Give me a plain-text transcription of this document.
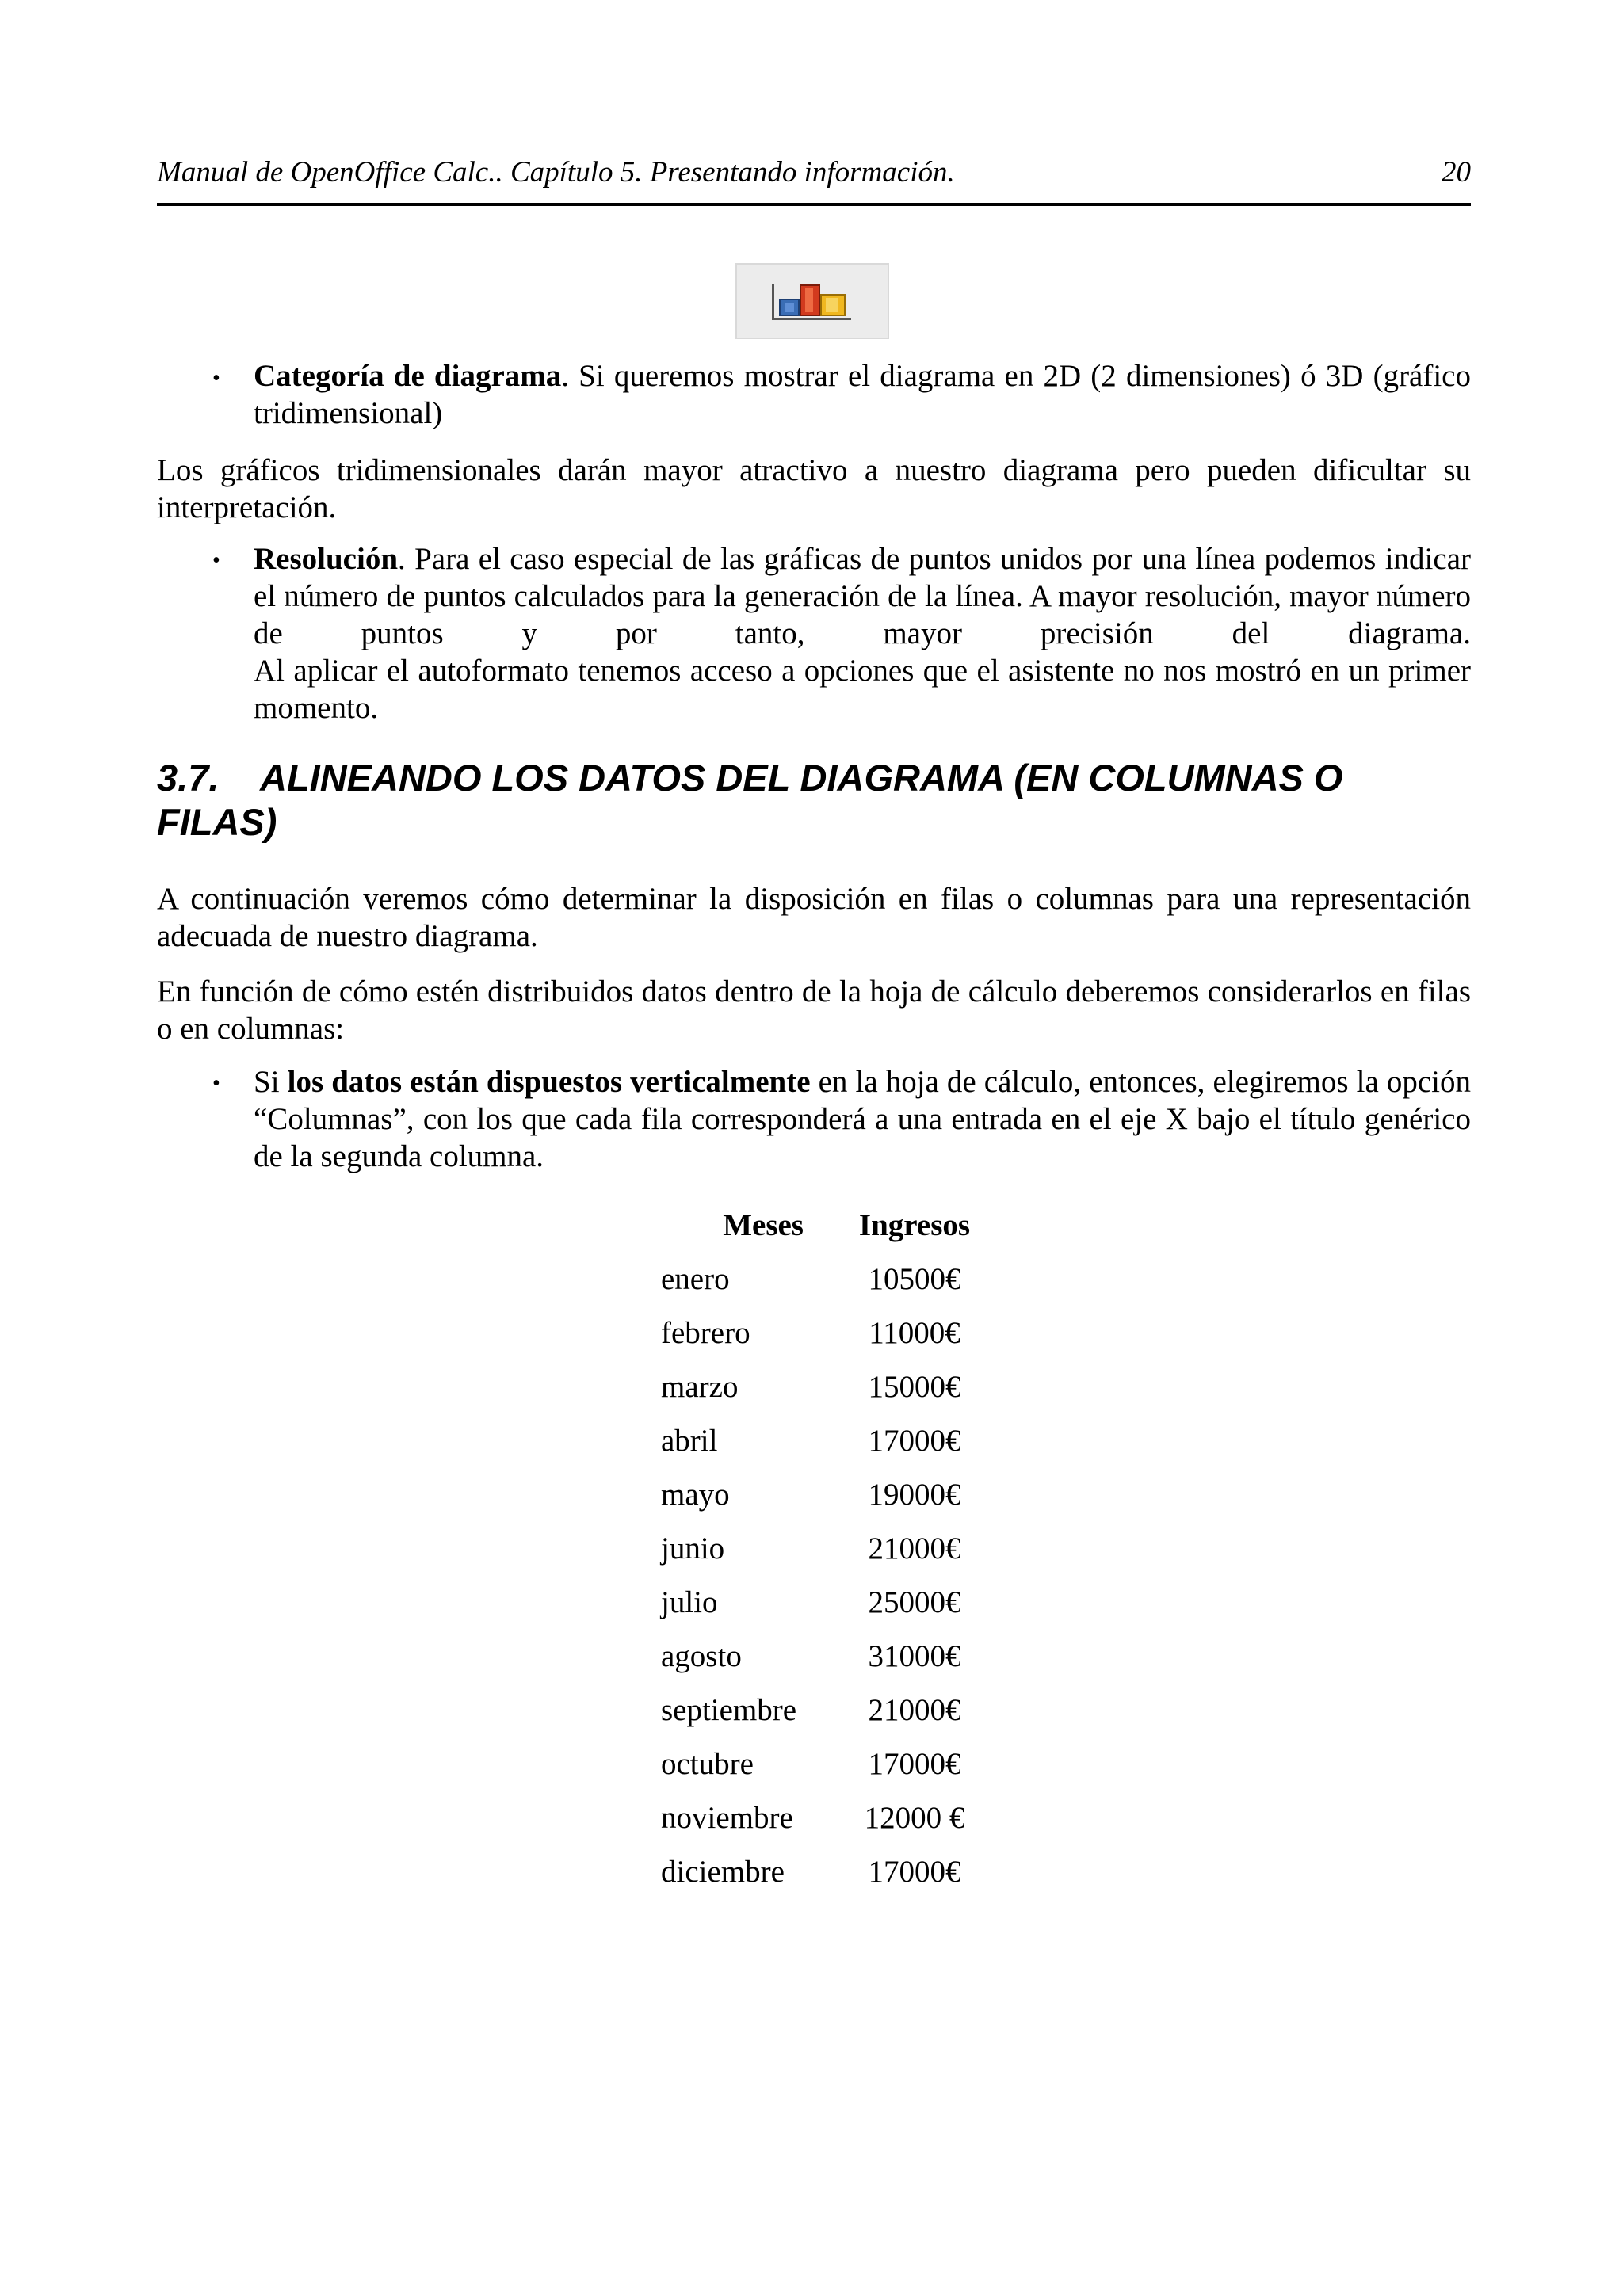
Manual de OpenOffice Calc.. Capítulo 5. Presentando información.	20
• Categoría de diagrama. Si queremos mostrar el diagrama en 2D (2 dimensiones) ó 3D (gráfico tridimensional)

Los gráficos tridimensionales darán mayor atractivo a nuestro diagrama pero pueden dificultar su interpretación.

• Resolución. Para el caso especial de las gráficas de puntos unidos por una línea podemos indicar el número de puntos calculados para la generación de la línea. A mayor resolución, mayor número de puntos y por tanto, mayor precisión del diagrama.

Al aplicar el autoformato tenemos acceso a opciones que el asistente no nos mostró en un primer momento.

3.7. ALINEANDO LOS DATOS DEL DIAGRAMA (EN COLUMNAS O FILAS)

A continuación veremos cómo determinar la disposición en filas o columnas para una representación adecuada de nuestro diagrama.

En función de cómo estén distribuidos datos dentro de la hoja de cálculo deberemos considerarlos en filas o en columnas:

• Si los datos están dispuestos verticalmente en la hoja de cálculo, entonces, elegiremos la opción “Columnas”, con los que cada fila corresponderá a una entrada en el eje X bajo el título genérico de la segunda columna.

Meses	Ingresos
enero	10500€
febrero	11000€
marzo	15000€
abril	17000€
mayo	19000€
junio	21000€
julio	25000€
agosto	31000€
septiembre	21000€
octubre	17000€
noviembre	12000 €
diciembre	17000€
